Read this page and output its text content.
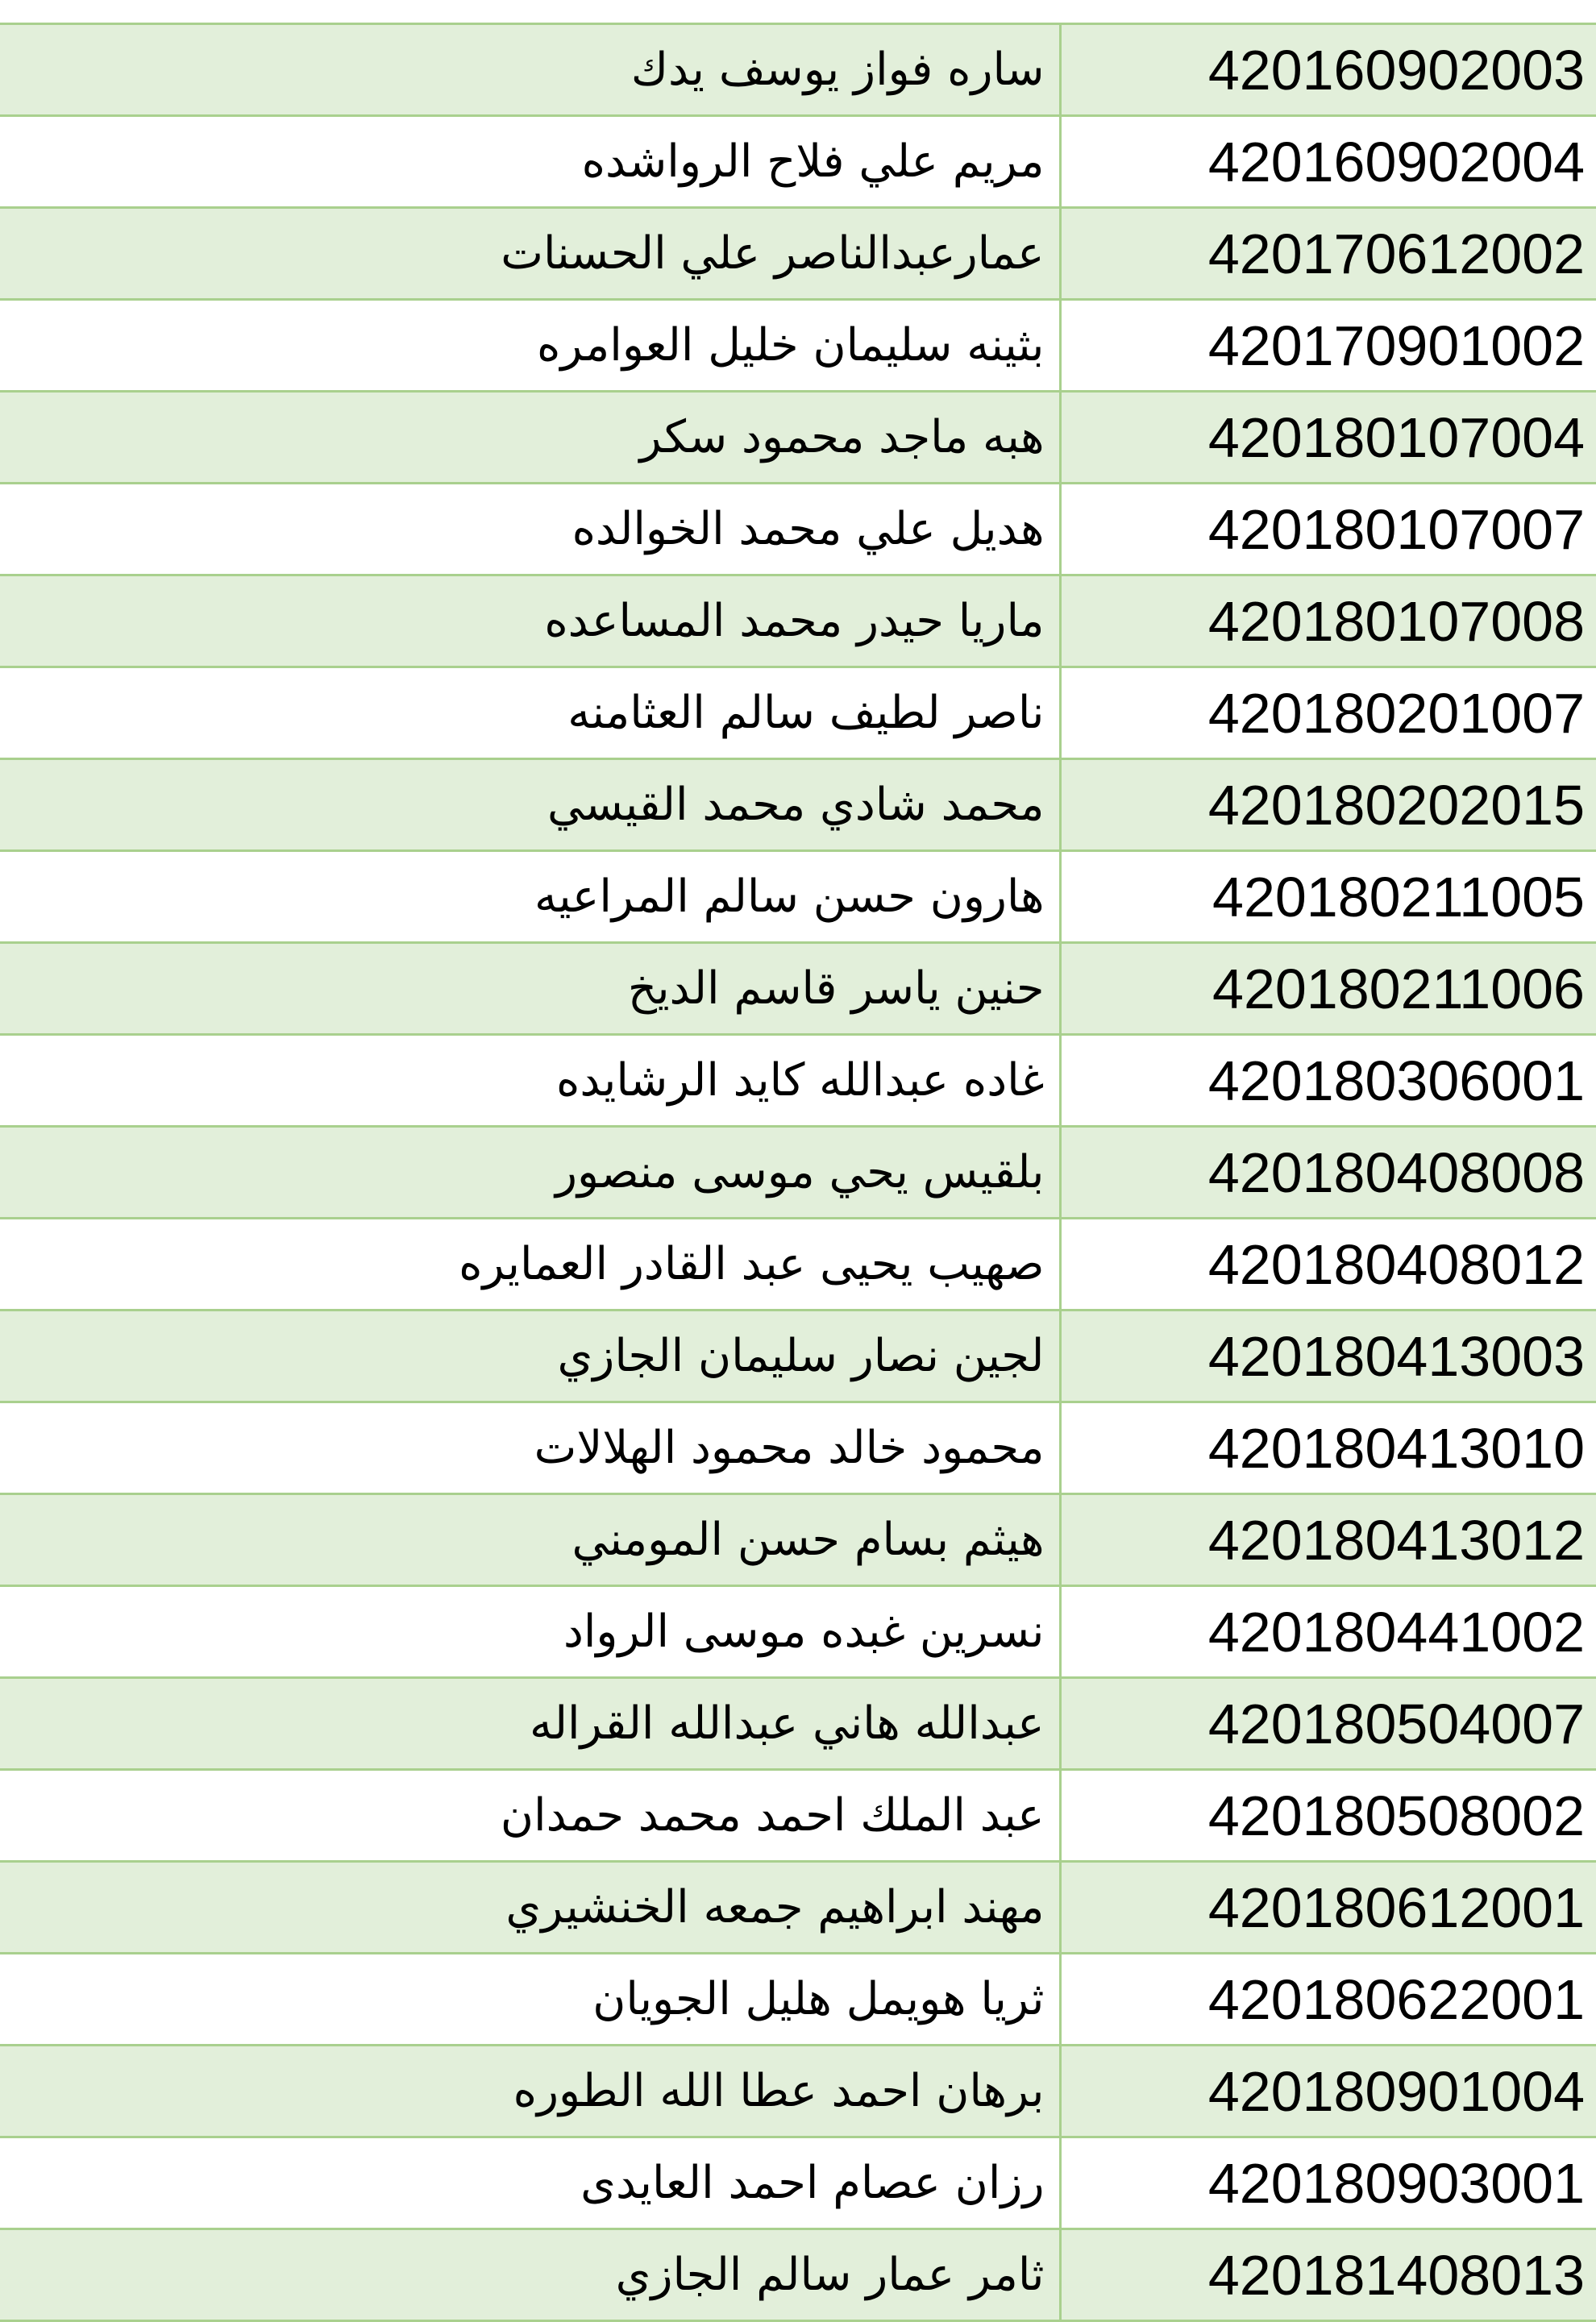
ساره فواز يوسف يدك	420160902003
مريم علي فلاح الرواشده	420160902004
عمارعبدالناصر علي الحسنات	420170612002
بثينه سليمان خليل العوامره	420170901002
هبه ماجد محمود سكر	420180107004
هديل علي محمد الخوالده	420180107007
ماريا حيدر محمد المساعده	420180107008
ناصر لطيف سالم العثامنه	420180201007
محمد شادي محمد القيسي	420180202015
هارون حسن سالم المراعيه	420180211005
حنين ياسر قاسم الديخ	420180211006
غاده عبدالله كايد الرشايده	420180306001
بلقيس يحي موسى منصور	420180408008
صهيب يحيى عبد القادر العمايره	420180408012
لجين نصار سليمان الجازي	420180413003
محمود خالد محمود الهلالات	420180413010
هيثم بسام حسن المومني	420180413012
نسرين غبده موسى الرواد	420180441002
عبدالله هاني عبدالله القراله	420180504007
عبد الملك احمد محمد حمدان	420180508002
مهند ابراهيم جمعه الخنشيري	420180612001
ثريا هويمل هليل الجويان	420180622001
برهان احمد عطا الله الطوره	420180901004
رزان عصام احمد العايدى	420180903001
ثامر عمار سالم الجازي	420181408013
